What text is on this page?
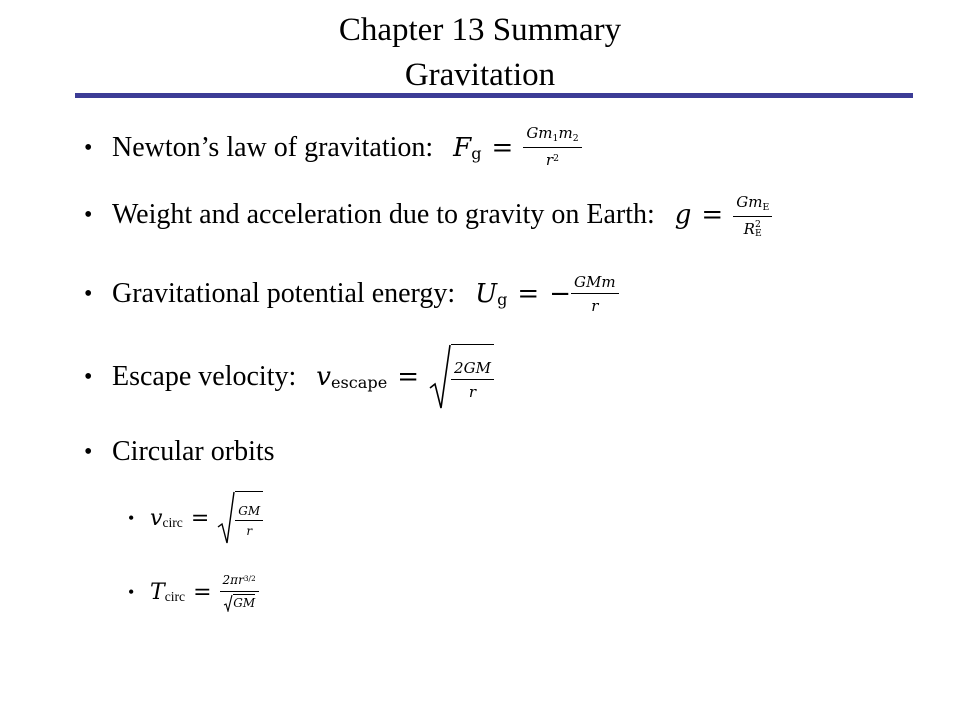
Chapter 13 Summary
Gravitation
• Newton’s law of gravitation: F $g = \frac{Gm_1m_2}{r^2}$
• Weight and acceleration due to gravity on Earth: $g = Gm_E$
R 2
E
• Gravitational potential energy: U g = − $\frac{\text{GMm}}{r}$
• Escape velocity: v escape = $\frac{2GM}{r}$
• Circular orbits
• v circ = $\frac{GM}{r}$
• T circ = $\frac{2\pi r^{3/2}}{GM}$
